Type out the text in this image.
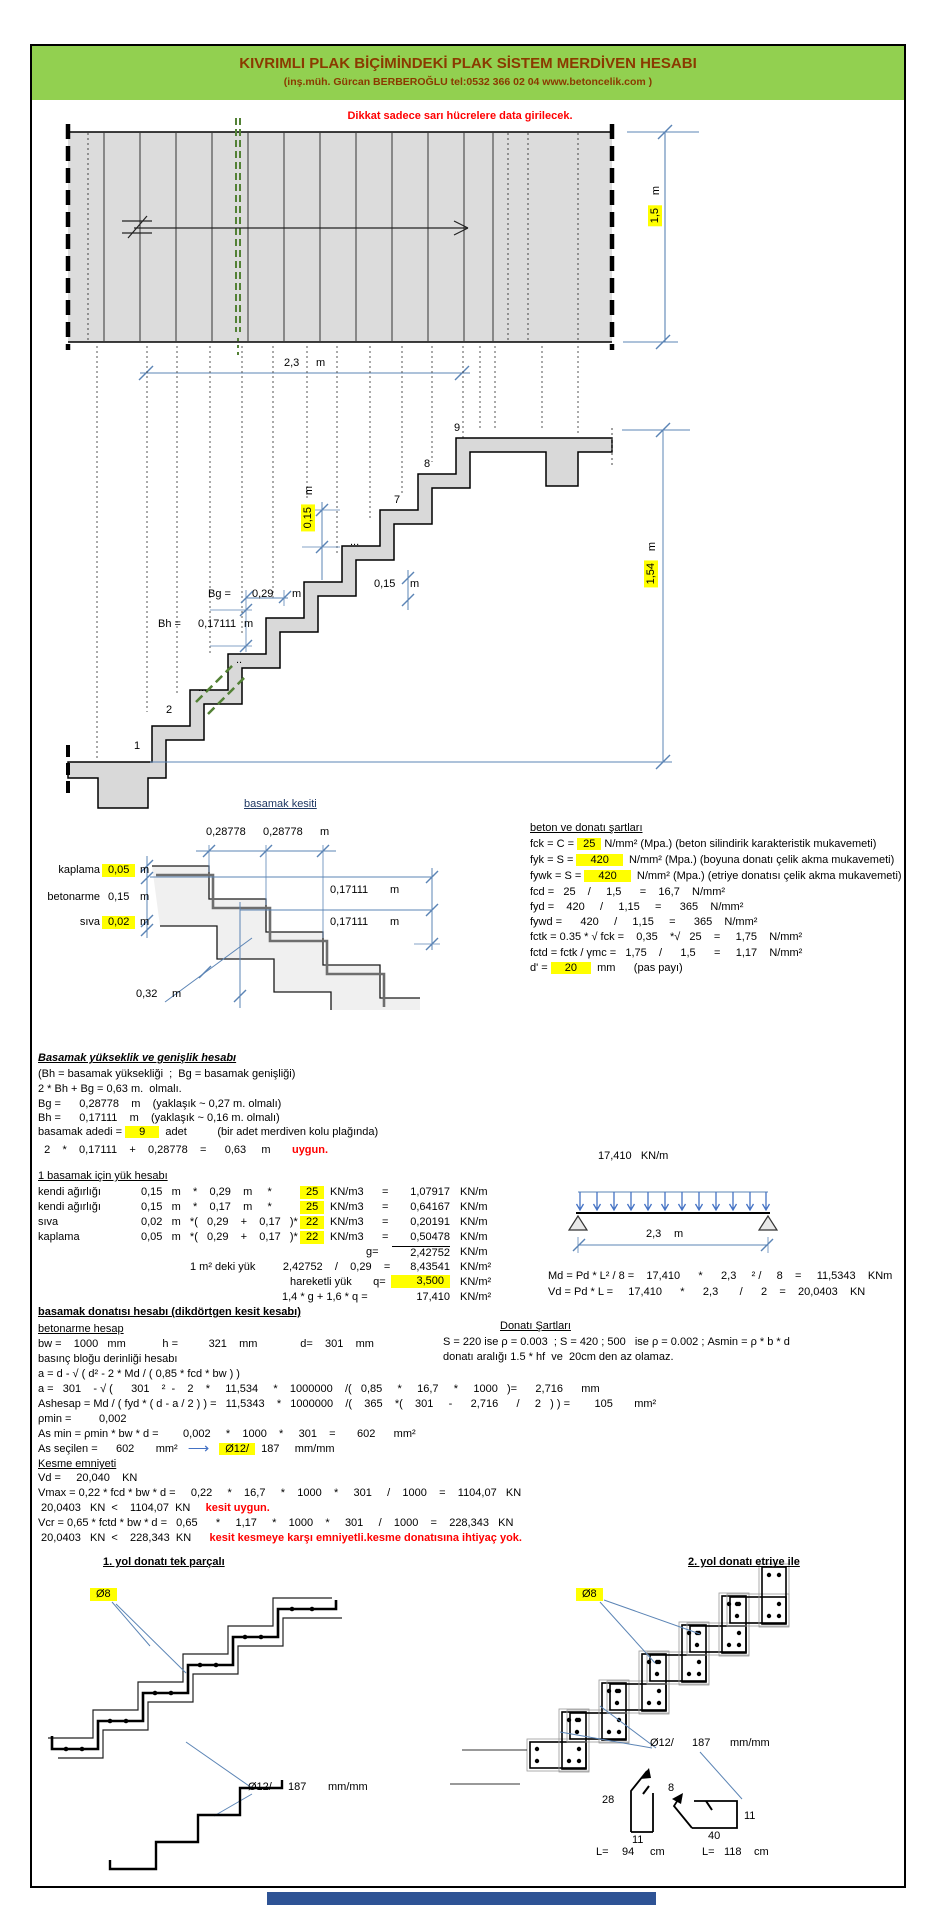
KIVRIMLI PLAK BİÇİMİNDEKİ PLAK SİSTEM MERDİVEN HESABI
(inş.müh. Gürcan BERBEROĞLU tel:0532 366 02 04 www.betoncelik.com )
Dikkat sadece sarı hücrelere data girilecek.
2,3 m
m
1,5
1
2
...
..
...
7
8
9
Bg = 0,29 m
Bh = 0,17111 m
m
0,15
0,15 m
m
1,54
basamak kesiti
0,28778 0,28778 m
kaplama 0,05 m
betonarme 0,15 m
sıva 0,02 m
0,17111 m
0,17111 m
0,32 m
beton ve donatı şartları
fck = C = 25 N/mm² (Mpa.) (beton silindirik karakteristik mukavemeti)
fyk = S = 420  N/mm² (Mpa.) (boyuna donatı çelik akma mukavemeti)
fywk = S = 420  N/mm² (Mpa.) (etriye donatısı çelik akma mukavemeti)
fcd =   25    /     1,5      =    16,7    N/mm²
fyd =    420     /     1,15     =      365    N/mm²
fywd =      420     /     1,15     =      365    N/mm²
fctk = 0.35 * √ fck =    0,35    *√   25    =     1,75    N/mm²
fctd = fctk / γmc =   1,75    /      1,5      =     1,17    N/mm²
d' = 20  mm      (pas payı)
Basamak yükseklik ve genişlik hesabı
(Bh = basamak yüksekliği  ;  Bg = basamak genişliği)
2 * Bh + Bg = 0,63 m.  olmalı.
Bg =      0,28778    m    (yaklaşık ~ 0,27 m. olmalı)
Bh =      0,17111    m    (yaklaşık ~ 0,16 m. olmalı)
basamak adedi = 9  adet          (bir adet merdiven kolu plağında)
2    *    0,17111    +    0,28778    =      0,63     m       uygun.
1 basamak için yük hesabı
kendi ağırlığı	0,15   m    *    0,29    m     *	25	KN/m3 =	1,07917 KN/m
kendi ağırlığı	0,15   m    *    0,17    m     *	25	KN/m3 =	0,64167 KN/m
sıva	0,02   m   *(   0,29    +    0,17   )* 22	KN/m3 =	0,20191 KN/m
kaplama	0,05   m   *(   0,29    +    0,17   )* 22	KN/m3 =	0,50478 KN/m
g=	2,42752 KN/m
1 m² deki yük         2,42752    /    0,29    =	8,43541 KN/m²
hareketli yük       q=	3,500	KN/m²
1,4 * g + 1,6 * q =	17,410 KN/m²
17,410   KN/m
2,3 m
Md = Pd * L² / 8 =    17,410      *      2,3     ² /     8    =     11,5343    KNm
Vd = Pd * L =     17,410      *      2,3       /      2    =    20,0403    KN
basamak donatısı hesabı (dikdörtgen kesit kesabı)
Donatı Şartları
S = 220 ise ρ = 0.003  ; S = 420 ; 500   ise ρ = 0.002 ; Asmin = ρ * b * d
donatı aralığı 1.5 * hf  ve  20cm den az olamaz.
betonarme hesap
bw =    1000   mm            h =          321    mm              d=    301    mm
basınç bloğu derinliği hesabı
a = d - √ ( d² - 2 * Md / ( 0,85 * fcd * bw ) )
a =   301    - √ (      301    ²  -    2    *     11,534     *    1000000    /(   0,85     *     16,7     *     1000   )=      2,716      mm
Ashesap = Md / ( fyd * ( d - a / 2 ) ) =   11,5343    *   1000000    /(    365    *(    301     -      2,716      /     2   ) ) =        105       mm²
ρmin =         0,002
As min = ρmin * bw * d =        0,002     *    1000    *     301    =       602      mm²
As seçilen =      602       mm² ⟶ Ø12/  187     mm/mm
Kesme emniyeti
Vd =     20,040    KN
Vmax = 0,22 * fcd * bw * d =     0,22     *    16,7     *    1000    *     301     /    1000    =    1104,07   KN
20,0403   KN  <    1104,07  KN     kesit uygun.
Vcr = 0,65 * fctd * bw * d =   0,65      *     1,17     *    1000    *     301     /    1000    =    228,343   KN
20,0403   KN  <    228,343  KN      kesit kesmeye karşı emniyetli.kesme donatısına ihtiyaç yok.
1. yol donatı tek parçalı	2. yol donatı etriye ile
Ø8	Ø8
Ø12/ 187 mm/mm
Ø12/ 187 mm/mm
28
11
8
40
11
L= 94 cm	L= 118 cm
